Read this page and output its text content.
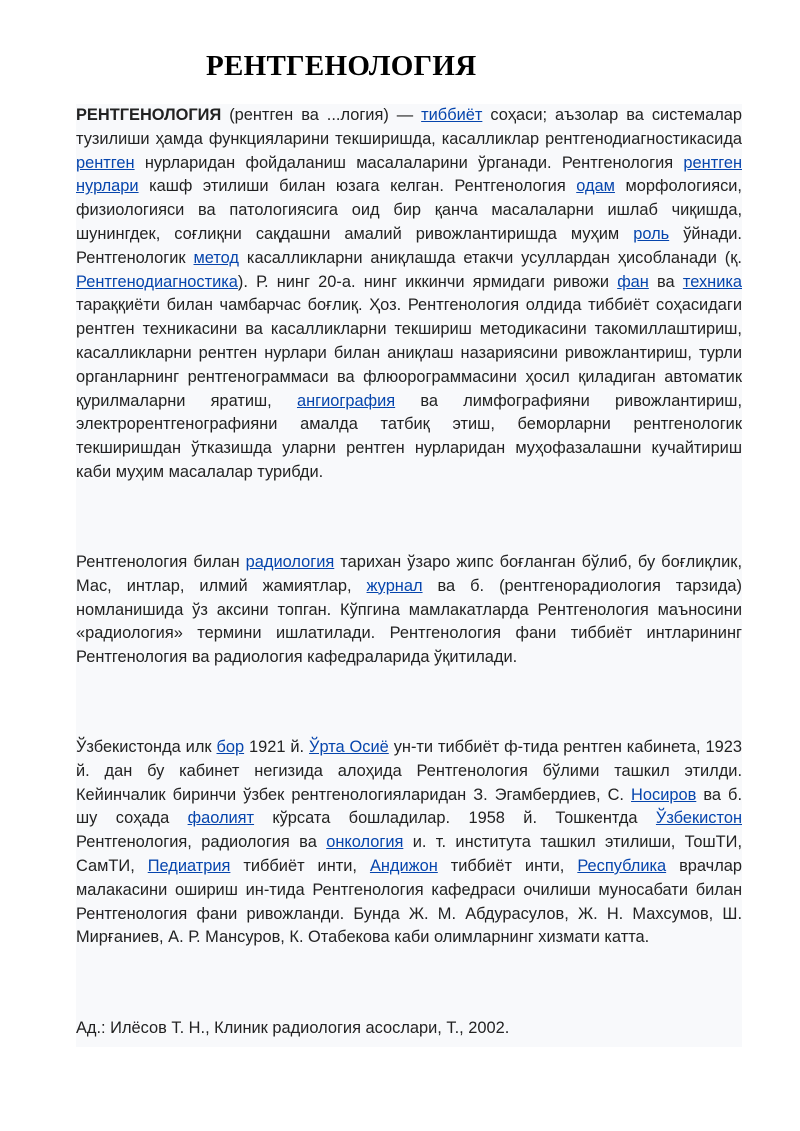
РЕНТГЕНОЛОГИЯ

РЕНТГЕНОЛОГИЯ (рентген ва ...логия) — тиббиёт соҳаси; аъзолар ва системалар тузилиши ҳамда функцияларини текширишда, касалликлар рентгенодиагностикасида рентген нурларидан фойдаланиш масалаларини ўрганади. Рентгенология рентген нурлари кашф этилиши билан юзага келган. Рентгенология одам морфологияси, физиологияси ва патологиясига оид бир қанча масалаларни ишлаб чиқишда, шунингдек, соғлиқни сақдашни амалий ривожлантиришда муҳим роль ўйнади. Рентгенологик метод касалликларни аниқлашда етакчи усуллардан ҳисобланади (қ. Рентгенодиагностика). Р. нинг 20-а. нинг иккинчи ярмидаги ривожи фан ва техника тараққиёти билан чамбарчас боғлиқ. Ҳоз. Рентгенология олдида тиббиёт соҳасидаги рентген техникасини ва касалликларни текшириш методикасини такомиллаштириш, касалликларни рентген нурлари билан аниқлаш назариясини ривожлантириш, турли органларнинг рентгенограммаси ва флюорограммасини ҳосил қиладиган автоматик қурилмаларни яратиш, ангиография ва лимфографияни ривожлантириш, электрорентгенографияни амалда татбиқ этиш, беморларни рентгенологик текширишдан ўтказишда уларни рентген нурларидан муҳофазалашни кучайтириш каби муҳим масалалар турибди.

Рентгенология билан радиология тарихан ўзаро жипс боғланган бўлиб, бу боғлиқлик, Мас, интлар, илмий жамиятлар, журнал ва б. (рентгенорадиология тарзида) номланишида ўз аксини топган. Кўпгина мамлакатларда Рентгенология маъносини «радиология» термини ишлатилади. Рентгенология фани тиббиёт интларининг Рентгенология ва радиология кафедраларида ўқитилади.

Ўзбекистонда илк бор 1921 й. Ўрта Осиё ун-ти тиббиёт ф-тида рентген кабинета, 1923 й. дан бу кабинет негизида алоҳида Рентгенология бўлими ташкил этилди. Кейинчалик биринчи ўзбек рентгенологияларидан З. Эгамбердиев, С. Носиров ва б. шу соҳада фаолият кўрсата бошладилар. 1958 й. Тошкентда Ўзбекистон Рентгенология, радиология ва онкология и. т. института ташкил этилиши, ТошТИ, СамТИ, Педиатрия тиббиёт инти, Андижон тиббиёт инти, Республика врачлар малакасини ошириш ин-тида Рентгенология кафедраси очилиши муносабати билан Рентгенология фани ривожланди. Бунда Ж. М. Абдурасулов, Ж. Н. Махсумов, Ш. Мирғаниев, А. Р. Мансуров, К. Отабекова каби олимларнинг хизмати катта.

Ад.: Илёсов Т. Н., Клиник радиология асослари, Т., 2002.
